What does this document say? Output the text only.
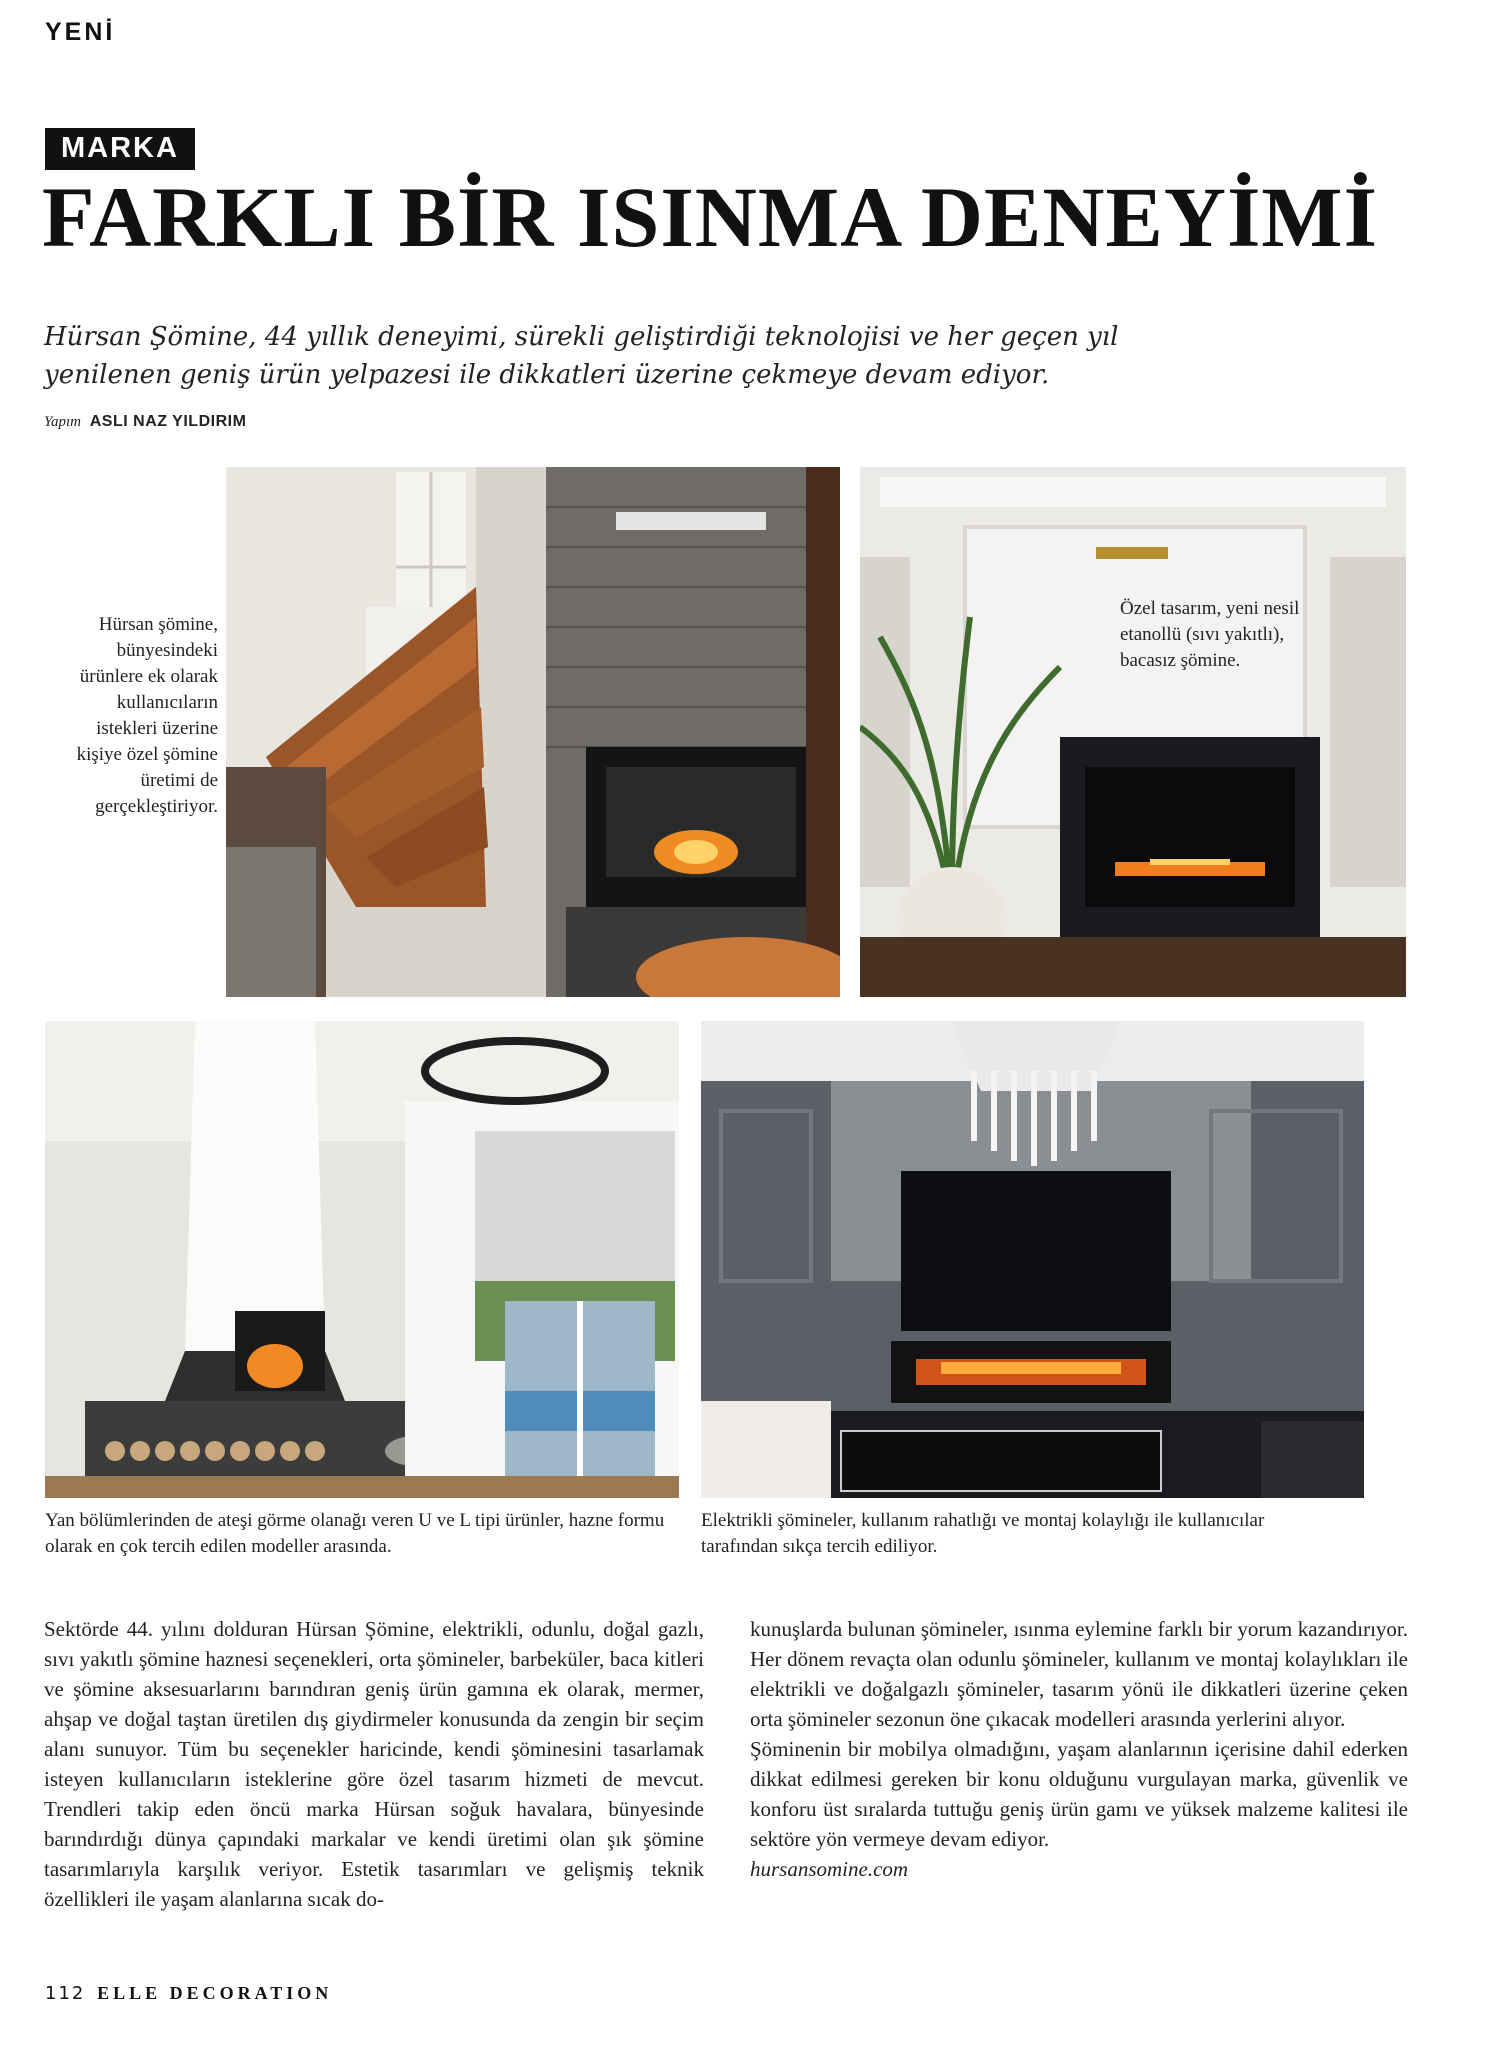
YENİ
MARKA
FARKLI BİR ISINMA DENEYİMİ

Hürsan Şömine, 44 yıllık deneyimi, sürekli geliştirdiği teknolojisi ve her geçen yıl yenilenen geniş ürün yelpazesi ile dikkatleri üzerine çekmeye devam ediyor.

Yapım ASLI NAZ YILDIRIM

Hürsan şömine, bünyesindeki ürünlere ek olarak kullanıcıların istekleri üzerine kişiye özel şömine üretimi de gerçekleştiriyor.

Özel tasarım, yeni nesil etanollü (sıvı yakıtlı), bacasız şömine.

Yan bölümlerinden de ateşi görme olanağı veren U ve L tipi ürünler, hazne formu olarak en çok tercih edilen modeller arasında.

Elektrikli şömineler, kullanım rahatlığı ve montaj kolaylığı ile kullanıcılar tarafından sıkça tercih ediliyor.

Sektörde 44. yılını dolduran Hürsan Şömine, elektrikli, odunlu, doğal gazlı, sıvı yakıtlı şömine haznesi seçenekleri, orta şömineler, barbeküler, baca kitleri ve şömine aksesuarlarını barındıran geniş ürün gamına ek olarak, mermer, ahşap ve doğal taştan üretilen dış giydirmeler konusunda da zengin bir seçim alanı sunuyor. Tüm bu seçenekler haricinde, kendi şöminesini tasarlamak isteyen kullanıcıların isteklerine göre özel tasarım hizmeti de mevcut. Trendleri takip eden öncü marka Hürsan soğuk havalara, bünyesinde barındırdığı dünya çapındaki markalar ve kendi üretimi olan şık şömine tasarımlarıyla karşılık veriyor. Estetik tasarımları ve gelişmiş teknik özellikleri ile yaşam alanlarına sıcak do-

kunuşlarda bulunan şömineler, ısınma eylemine farklı bir yorum kazandırıyor. Her dönem revaçta olan odunlu şömineler, kullanım ve montaj kolaylıkları ile elektrikli ve doğalgazlı şömineler, tasarım yönü ile dikkatleri üzerine çeken orta şömineler sezonun öne çıkacak modelleri arasında yerlerini alıyor.

Şöminenin bir mobilya olmadığını, yaşam alanlarının içerisine dahil ederken dikkat edilmesi gereken bir konu olduğunu vurgulayan marka, güvenlik ve konforu üst sıralarda tuttuğu geniş ürün gamı ve yüksek malzeme kalitesi ile sektöre yön vermeye devam ediyor.

hursansomine.com
112 ELLE DECORATION
